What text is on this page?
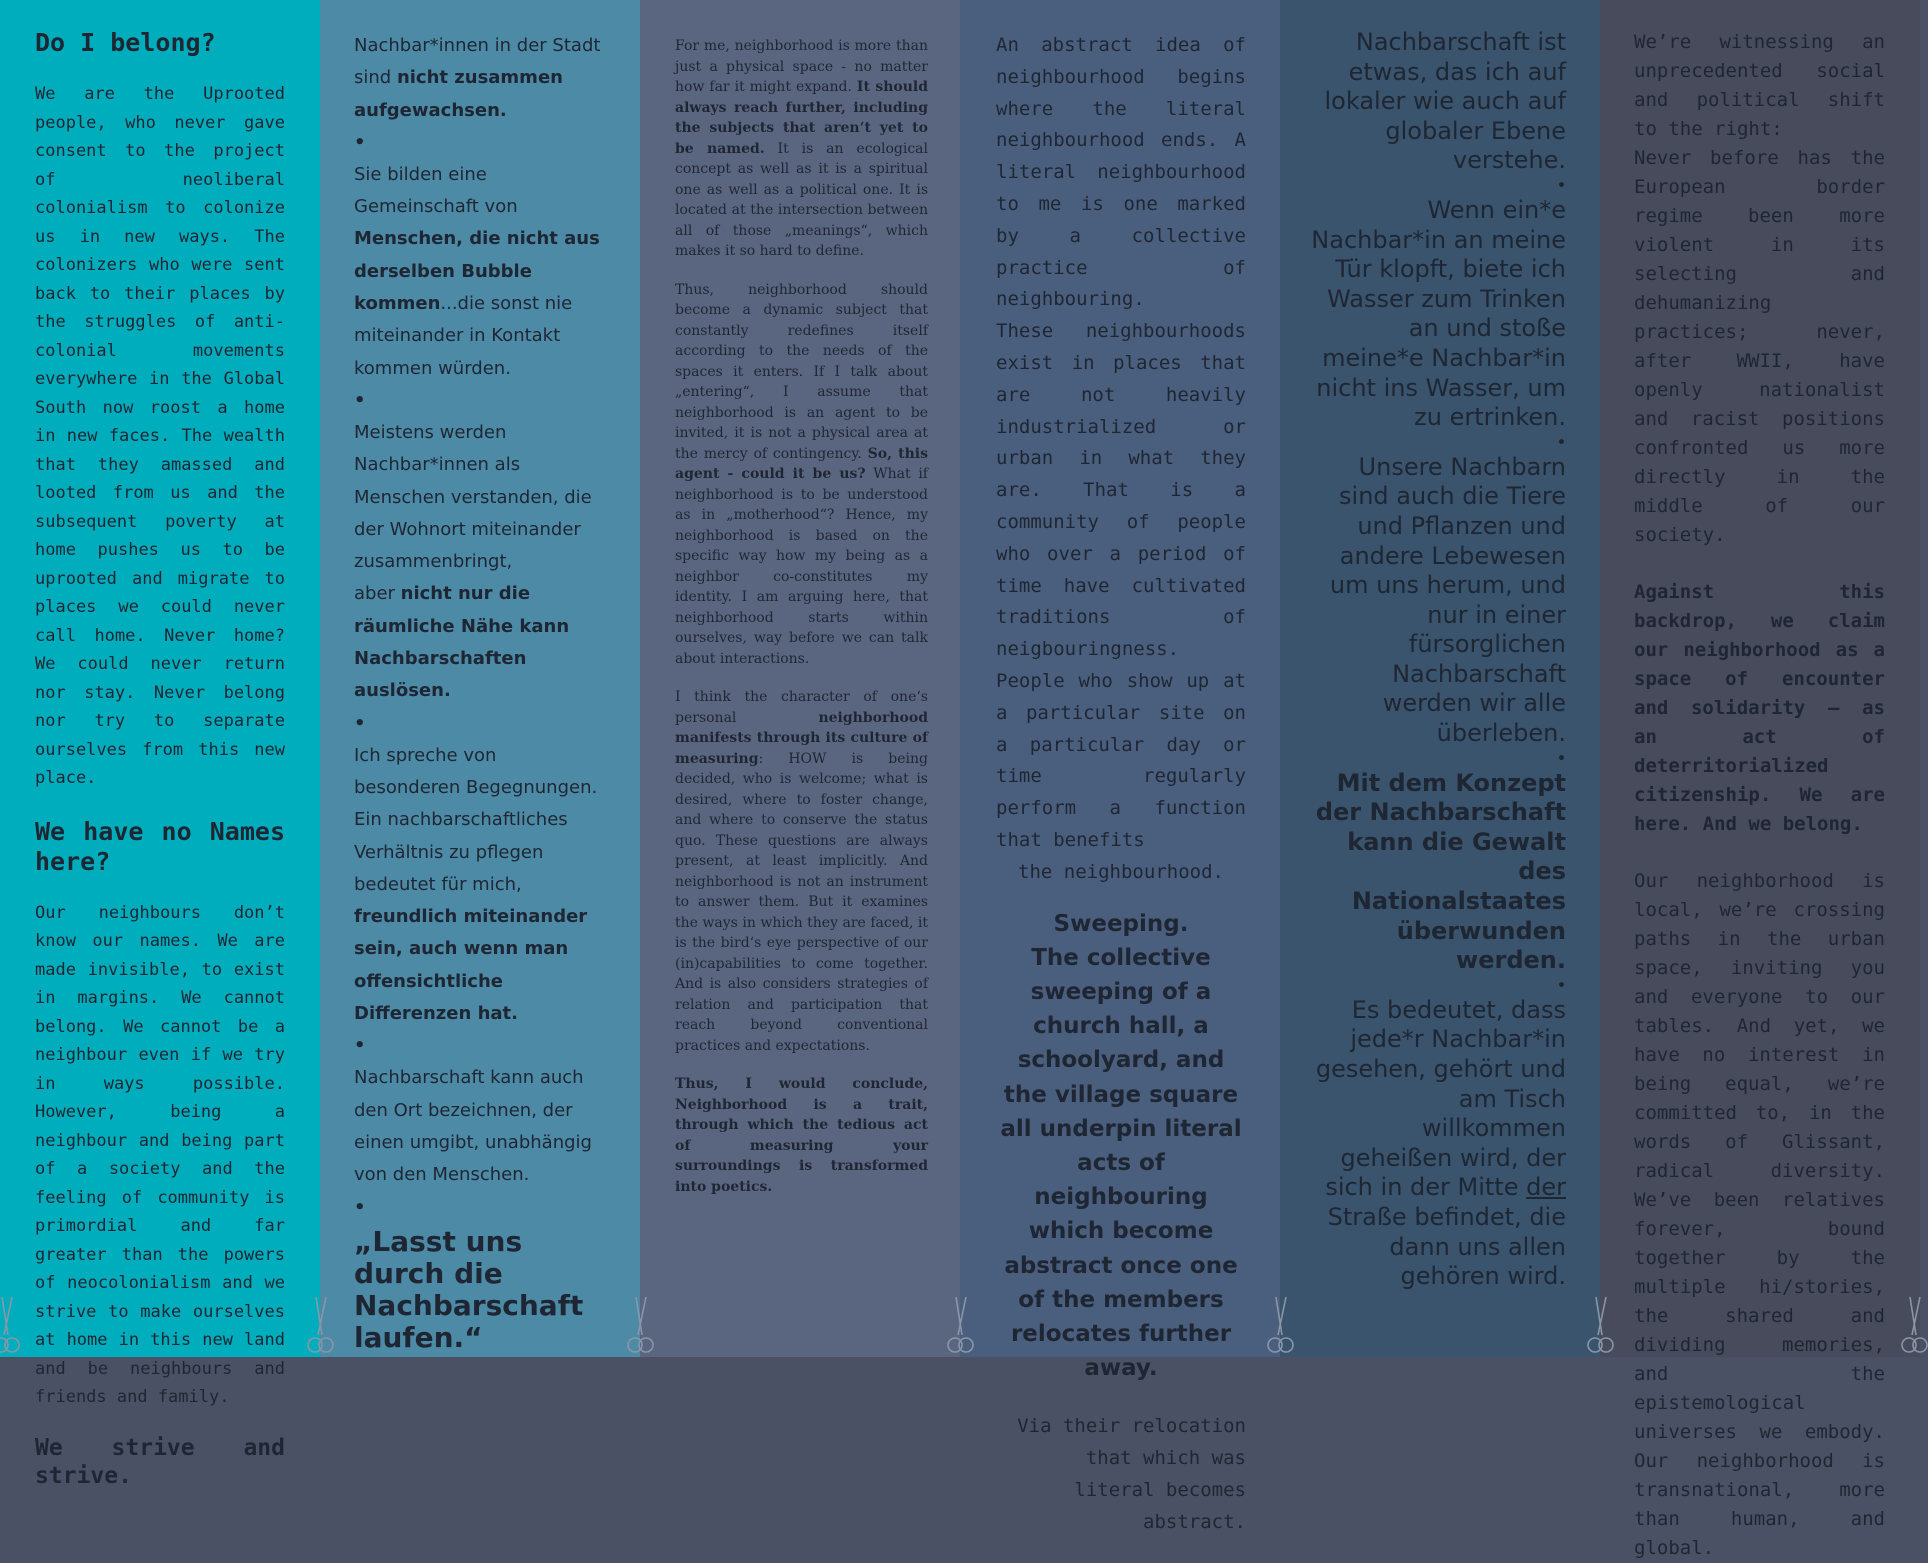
Do I belong?

We are the Uprooted people, who never gave consent to the project of neoliberal colonialism to colonize us in new ways. The colonizers who were sent back to their places by the struggles of anti-colonial movements everywhere in the Global South now roost a home in new faces. The wealth that they amassed and looted from us and the subsequent poverty at home pushes us to be uprooted and migrate to places we could never call home. Never home? We could never return nor stay. Never belong nor try to separate ourselves from this new place.

We have no Names here?

Our neighbours don’t know our names. We are made invisible, to exist in margins. We cannot belong. We cannot be a neighbour even if we try in ways possible. However, being a neighbour and being part of a society and the feeling of community is primordial and far greater than the powers of neocolonialism and we strive to make ourselves at home in this new land and be neighbours and friends and family.

We strive and strive.

Nachbar*innen in der Stadt sind nicht zusammen aufgewachsen.

•

Sie bilden eine Gemeinschaft von Menschen, die nicht aus derselben Bubble kommen...die sonst nie miteinander in Kontakt kommen würden.

•

Meistens werden Nachbar*innen als Menschen verstanden, die der Wohnort miteinander zusammenbringt,
aber nicht nur die räumliche Nähe kann Nachbarschaften auslösen.

•

Ich spreche von besonderen Begegnungen. Ein nachbarschaftliches Verhältnis zu pflegen bedeutet für mich, freundlich miteinander sein, auch wenn man offensichtliche Differenzen hat.

•

Nachbarschaft kann auch den Ort bezeichnen, der einen umgibt, unabhängig von den Menschen.

•

„Lasst uns durch die Nachbarschaft laufen.“

For me, neighborhood is more than just a physical space - no matter how far it might expand. It should always reach further, including the subjects that aren‘t yet to be named. It is an ecological concept as well as it is a spiritual one as well as a political one. It is located at the intersection between all of those „meanings“, which makes it so hard to define.

Thus, neighborhood should become a dynamic subject that constantly redefines itself according to the needs of the spaces it enters. If I talk about „entering“, I assume that neighborhood is an agent to be invited, it is not a physical area at the mercy of contingency. So, this agent - could it be us? What if neighborhood is to be understood as in „motherhood“? Hence, my neighborhood is based on the specific way how my being as a neighbor co-constitutes my identity. I am arguing here, that neighborhood starts within ourselves, way before we can talk about interactions.

I think the character of one‘s personal neighborhood manifests through its culture of measuring: HOW is being decided, who is welcome; what is desired, where to foster change, and where to conserve the status quo. These questions are always present, at least implicitly. And neighborhood is not an instrument to answer them. But it examines the ways in which they are faced, it is the bird‘s eye perspective of our (in)capabilities to come together. And is also considers strategies of relation and participation that reach beyond conventional practices and expectations.

Thus, I would conclude, Neighborhood is a trait, through which the tedious act of measuring your surroundings is transformed into poetics.

An abstract idea of neighbourhood begins where the literal neighbourhood ends. A literal neighbourhood to me is one marked by a collective practice of neighbouring.

These neighbourhoods exist in places that are not heavily industrialized or urban in what they are. That is a community of people who over a period of time have cultivated traditions of neigbouringness. People who show up at a particular site on a particular day or time regularly perform a function that benefits

the neighbourhood.

Sweeping.
The collective sweeping of a church hall, a schoolyard, and the village square all underpin literal acts of neighbouring which become abstract once one of the members relocates further away.

Via their relocation that which was literal becomes abstract.

Nachbarschaft ist etwas, das ich auf lokaler wie auch auf globaler Ebene verstehe.

•

Wenn ein*e Nachbar*in an meine Tür klopft, biete ich Wasser zum Trinken an und stoße meine*e Nachbar*in nicht ins Wasser, um zu ertrinken.

•

Unsere Nachbarn sind auch die Tiere und Pflanzen und andere Lebewesen um uns herum, und nur in einer fürsorglichen Nachbarschaft werden wir alle überleben.

•

Mit dem Konzept der Nachbarschaft kann die Gewalt des Nationalstaates überwunden werden.

•

Es bedeutet, dass jede*r Nachbar*in gesehen, gehört und am Tisch willkommen geheißen wird, der sich in der Mitte der Straße befindet, die dann uns allen gehören wird.

We’re witnessing an unprecedented social and political shift to the right:

Never before has the European border regime been more violent in its selecting and dehumanizing practices; never, after WWII, have openly nationalist and racist positions confronted us more directly in the middle of our society.

Against this backdrop, we claim our neighborhood as a space of encounter and solidarity – as an act of deterritorialized citizenship. We are here. And we belong.

Our neighborhood is local, we’re crossing paths in the urban space, inviting you and everyone to our tables. And yet, we have no interest in being equal, we’re committed to, in the words of Glissant, radical diversity. We’ve been relatives forever, bound together by the multiple hi/stories, the shared and dividing memories, and the epistemological universes we embody. Our neighborhood is transnational, more than human, and global.
